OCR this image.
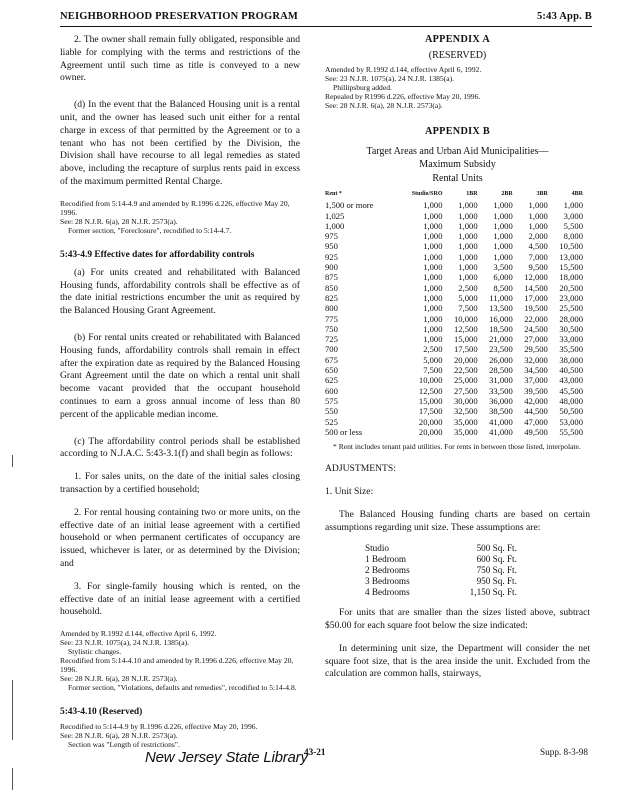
NEIGHBORHOOD PRESERVATION PROGRAM	5:43 App. B

2. The owner shall remain fully obligated, responsible and liable for complying with the terms and restrictions of the Agreement until such time as title is conveyed to a new owner.

(d) In the event that the Balanced Housing unit is a rental unit, and the owner has leased such unit either for a rental charge in excess of that permitted by the Agreement or to a tenant who has not been certified by the Division, the Division shall have recourse to all legal remedies as stated above, including the recapture of surplus rents paid in excess of the maximum permitted Rental Charge.

Recodified from 5:14-4.9 and amended by R.1996 d.226, effective May 20, 1996.

See: 28 N.J.R. 6(a), 28 N.J.R. 2573(a).

Former section, "Foreclosure", recodified to 5:14-4.7.

5:43-4.9 Effective dates for affordability controls

(a) For units created and rehabilitated with Balanced Housing funds, affordability controls shall be effective as of the date initial restrictions encumber the unit as required by the Balanced Housing Grant Agreement.

(b) For rental units created or rehabilitated with Balanced Housing funds, affordability controls shall remain in effect after the expiration date as required by the Balanced Housing Grant Agreement until the date on which a rental unit shall become vacant provided that the occupant household continues to earn a gross annual income of less than 80 percent of the applicable median income.

(c) The affordability control periods shall be established according to N.J.A.C. 5:43-3.1(f) and shall begin as follows:

1. For sales units, on the date of the initial sales closing transaction by a certified household;

2. For rental housing containing two or more units, on the effective date of an initial lease agreement with a certified household or when permanent certificates of occupancy are issued, whichever is later, or as determined by the Division; and

3. For single-family housing which is rented, on the effective date of an initial lease agreement with a certified household.

Amended by R.1992 d.144, effective April 6, 1992.

See: 23 N.J.R. 1075(a), 24 N.J.R. 1385(a).

Stylistic changes.

Recodified from 5:14-4.10 and amended by R.1996 d.226, effective May 20, 1996.

See: 28 N.J.R. 6(a), 28 N.J.R. 2573(a).

Former section, "Violations, defaults and remedies", recodified to 5:14-4.8.

5:43-4.10 (Reserved)

Recodified to 5:14-4.9 by R.1996 d.226, effective May 20, 1996.

See: 28 N.J.R. 6(a), 28 N.J.R. 2573(a).

Section was "Length of restrictions".

APPENDIX A

(RESERVED)

Amended by R.1992 d.144, effective April 6, 1992.

See: 23 N.J.R. 1075(a), 24 N.J.R. 1385(a).

Phillipsburg added.

Repealed by R1996 d.226, effective May 20, 1996.

See: 28 N.J.R. 6(a), 28 N.J.R. 2573(a).

APPENDIX B

Target Areas and Urban Aid Municipalities—

Maximum Subsidy

Rental Units

Rent *	Studio/SRO	1BR	2BR	3BR	4BR
1,500 or more	1,000	1,000	1,000	1,000	1,000
1,025	1,000	1,000	1,000	1,000	3,000
1,000	1,000	1,000	1,000	1,000	5,500
975	1,000	1,000	1,000	2,000	8,000
950	1,000	1,000	1,000	4,500	10,500
925	1,000	1,000	1,000	7,000	13,000
900	1,000	1,000	3,500	9,500	15,500
875	1,000	1,000	6,000	12,000	18,000
850	1,000	2,500	8,500	14,500	20,500
825	1,000	5,000	11,000	17,000	23,000
800	1,000	7,500	13,500	19,500	25,500
775	1,000	10,000	16,000	22,000	28,000
750	1,000	12,500	18,500	24,500	30,500
725	1,000	15,000	21,000	27,000	33,000
700	2,500	17,500	23,500	29,500	35,500
675	5,000	20,000	26,000	32,000	38,000
650	7,500	22,500	28,500	34,500	40,500
625	10,000	25,000	31,000	37,000	43,000
600	12,500	27,500	33,500	39,500	45,500
575	15,000	30,000	36,000	42,000	48,000
550	17,500	32,500	38,500	44,500	50,500
525	20,000	35,000	41,000	47,000	53,000
500 or less	20,000	35,000	41,000	49,500	55,500

* Rent includes tenant paid utilities. For rents in between those listed, interpolate.

ADJUSTMENTS:

1. Unit Size:

The Balanced Housing funding charts are based on certain assumptions regarding unit size. These assumptions are:

Studio	500 Sq. Ft.
1 Bedroom	600 Sq. Ft.
2 Bedrooms	750 Sq. Ft.
3 Bedrooms	950 Sq. Ft.
4 Bedrooms	1,150 Sq. Ft.

For units that are smaller than the sizes listed above, subtract $50.00 for each square foot below the size indicated:

In determining unit size, the Department will consider the net square foot size, that is the area inside the unit. Excluded from the calculation are common halls, stairways,

New Jersey State Library
43-21	Supp. 8-3-98
